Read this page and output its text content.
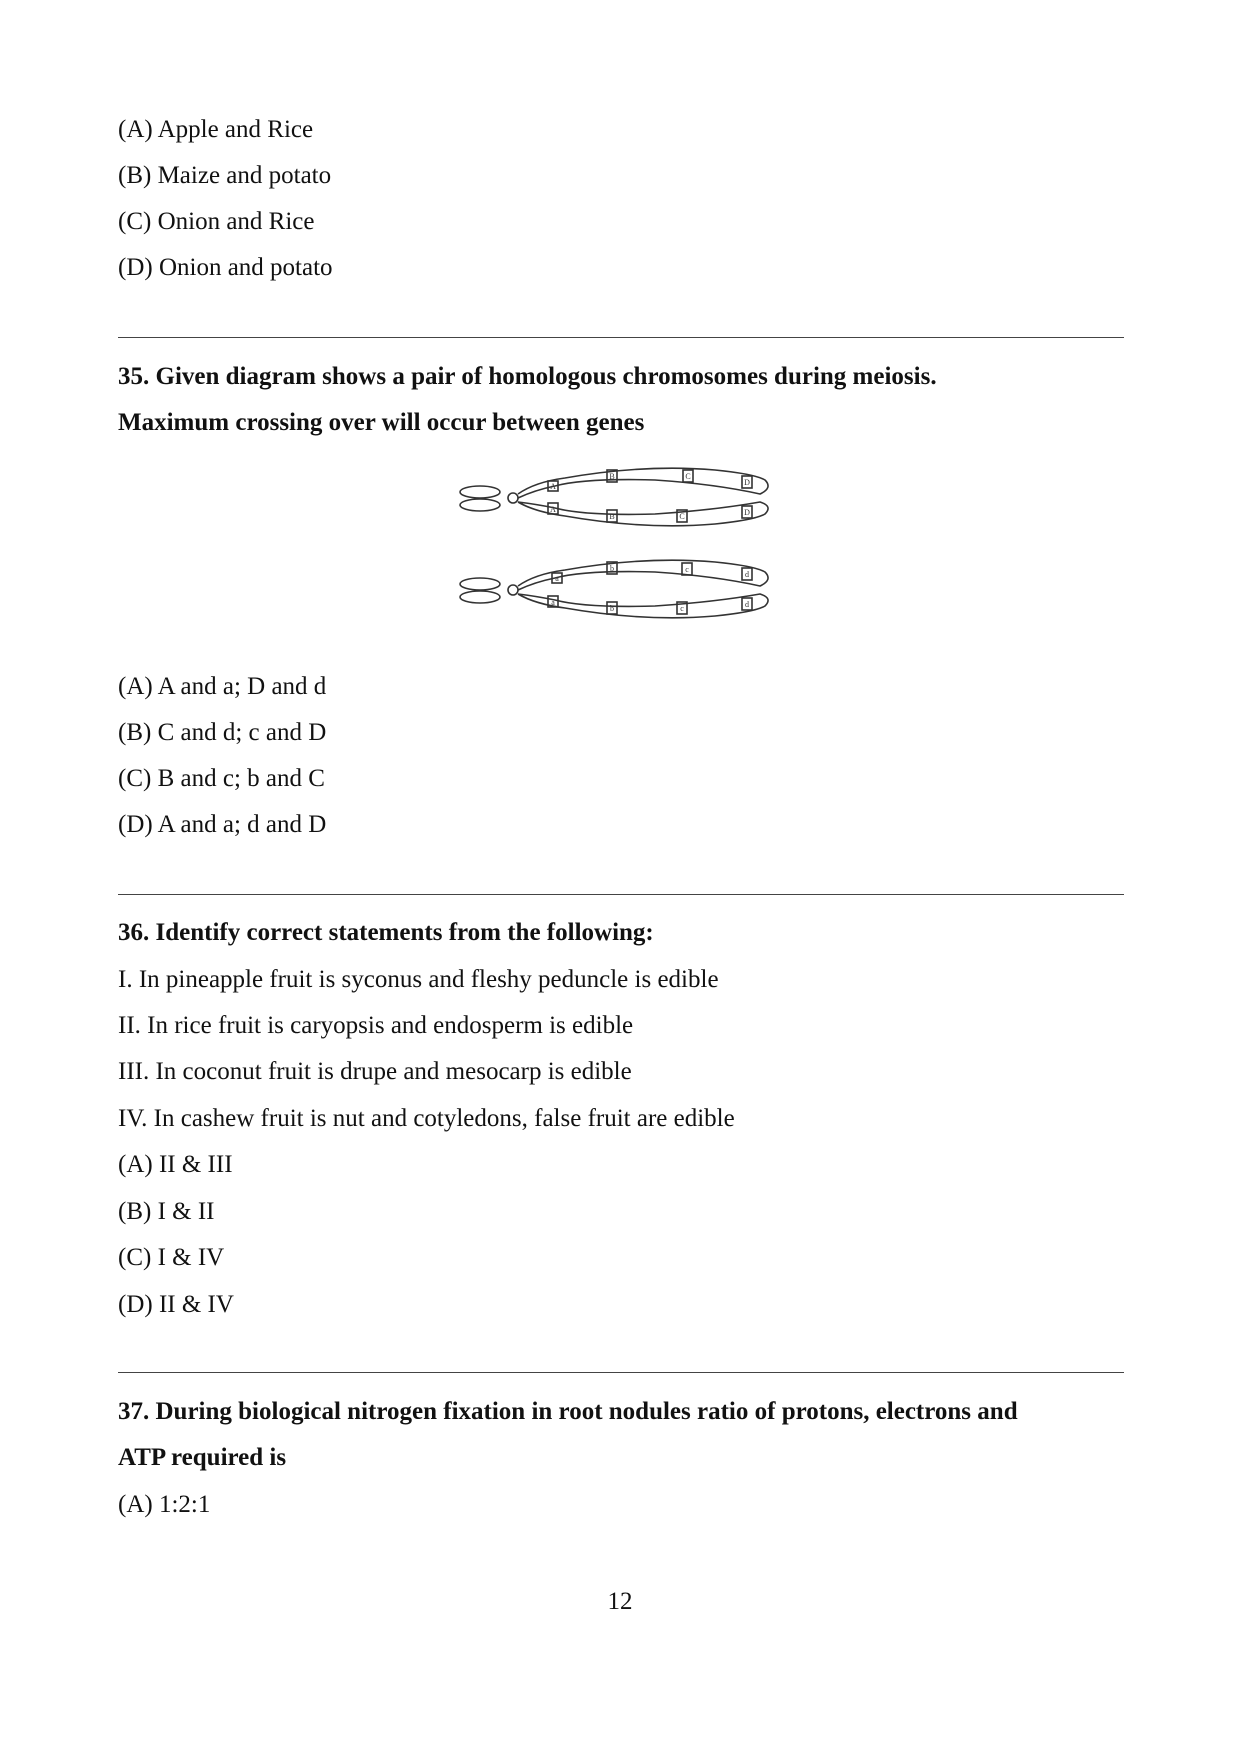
(A) Apple and Rice
(B) Maize and potato
(C) Onion and Rice
(D) Onion and potato
35. Given diagram shows a pair of homologous chromosomes during meiosis.
Maximum crossing over will occur between genes
A
B	C
D
A
B	C	D
a
b	c
d
a
b	c	d
(A) A and a; D and d
(B) C and d; c and D
(C) B and c; b and C
(D) A and a; d and D
36. Identify correct statements from the following:
I. In pineapple fruit is syconus and fleshy peduncle is edible
II. In rice fruit is caryopsis and endosperm is edible
III. In coconut fruit is drupe and mesocarp is edible
IV. In cashew fruit is nut and cotyledons, false fruit are edible
(A) II & III
(B) I & II
(C) I & IV
(D) II & IV
37. During biological nitrogen fixation in root nodules ratio of protons, electrons and
ATP required is
(A) 1:2:1
12
